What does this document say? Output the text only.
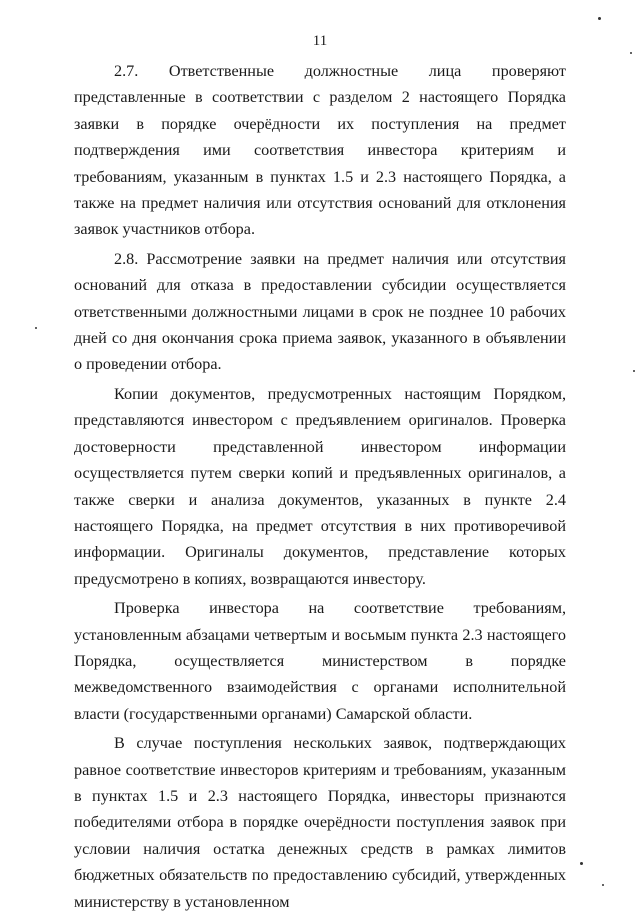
11

2.7. Ответственные должностные лица проверяют представленные в соответствии с разделом 2 настоящего Порядка заявки в порядке очерёдности их поступления на предмет подтверждения ими соответствия инвестора критериям и требованиям, указанным в пунктах 1.5 и 2.3 настоящего Порядка, а также на предмет наличия или отсутствия оснований для отклонения заявок участников отбора.

2.8. Рассмотрение заявки на предмет наличия или отсутствия оснований для отказа в предоставлении субсидии осуществляется ответственными должностными лицами в срок не позднее 10 рабочих дней со дня окончания срока приема заявок, указанного в объявлении о проведении отбора.

Копии документов, предусмотренных настоящим Порядком, представляются инвестором с предъявлением оригиналов. Проверка достоверности представленной инвестором информации осуществляется путем сверки копий и предъявленных оригиналов, а также сверки и анализа документов, указанных в пункте 2.4 настоящего Порядка, на предмет отсутствия в них противоречивой информации. Оригиналы документов, представление которых предусмотрено в копиях, возвращаются инвестору.

Проверка инвестора на соответствие требованиям, установленным абзацами четвертым и восьмым пункта 2.3 настоящего Порядка, осуществляется министерством в порядке межведомственного взаимодействия с органами исполнительной власти (государственными органами) Самарской области.

В случае поступления нескольких заявок, подтверждающих равное соответствие инвесторов критериям и требованиям, указанным в пунктах 1.5 и 2.3 настоящего Порядка, инвесторы признаются победителями отбора в порядке очерёдности поступления заявок при условии наличия остатка денежных средств в рамках лимитов бюджетных обязательств по предоставлению субсидий, утвержденных министерству в установленном
